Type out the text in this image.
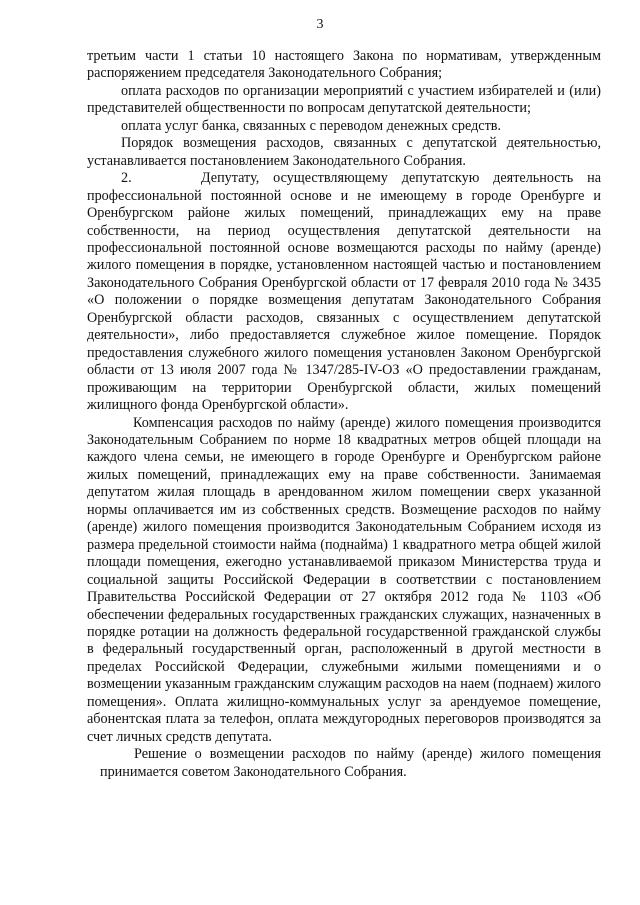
3

третьим части 1 статьи 10 настоящего Закона по нормативам, утвержденным распоряжением председателя Законодательного Собрания;

оплата расходов по организации мероприятий с участием избирателей и (или) представителей общественности по вопросам депутатской деятельности;

оплата услуг банка, связанных с переводом денежных средств.

Порядок возмещения расходов, связанных с депутатской деятельностью, устанавливается постановлением Законодательного Собрания.

2.     Депутату, осуществляющему депутатскую деятельность на профессиональной постоянной основе и не имеющему в городе Оренбурге и Оренбургском районе жилых помещений, принадлежащих ему на праве собственности, на период осуществления депутатской деятельности на профессиональной постоянной основе возмещаются расходы по найму (аренде) жилого помещения в порядке, установленном настоящей частью и постановлением Законодательного Собрания Оренбургской области от 17 февраля 2010 года № 3435 «О положении о порядке возмещения депутатам Законодательного Собрания Оренбургской области расходов, связанных с осуществлением депутатской деятельности», либо предоставляется служебное жилое помещение. Порядок предоставления служебного жилого помещения установлен Законом Оренбургской области от 13 июля 2007 года № 1347/285-IV-ОЗ «О предоставлении гражданам, проживающим на территории Оренбургской области, жилых помещений жилищного фонда Оренбургской области».

Компенсация расходов по найму (аренде) жилого помещения производится Законодательным Собранием по норме 18 квадратных метров общей площади на каждого члена семьи, не имеющего в городе Оренбурге и Оренбургском районе жилых помещений, принадлежащих ему на праве собственности. Занимаемая депутатом жилая площадь в арендованном жилом помещении сверх указанной нормы оплачивается им из собственных средств. Возмещение расходов по найму (аренде) жилого помещения производится Законодательным Собранием исходя из размера предельной стоимости найма (поднайма) 1 квадратного метра общей жилой площади помещения, ежегодно устанавливаемой приказом Министерства труда и социальной защиты Российской Федерации в соответствии с постановлением Правительства Российской Федерации от 27 октября 2012 года № 1103 «Об обеспечении федеральных государственных гражданских служащих, назначенных в порядке ротации на должность федеральной государственной гражданской службы в федеральный государственный орган, расположенный в другой местности в пределах Российской Федерации, служебными жилыми помещениями и о возмещении указанным гражданским служащим расходов на наем (поднаем) жилого помещения». Оплата жилищно-коммунальных услуг за арендуемое помещение, абонентская плата за телефон, оплата междугородных переговоров производятся за счет личных средств депутата.

Решение о возмещении расходов по найму (аренде) жилого помещения принимается советом Законодательного Собрания.
